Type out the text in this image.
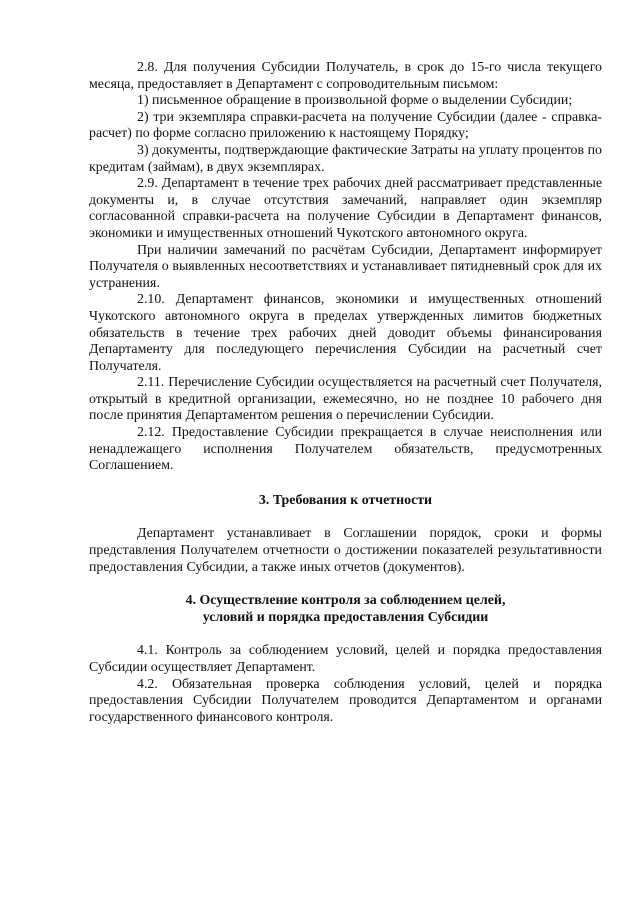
2.8. Для получения Субсидии Получатель, в срок до 15-го числа текущего месяца, предоставляет в Департамент с сопроводительным письмом:

1) письменное обращение в произвольной форме о выделении Субсидии;

2) три экземпляра справки-расчета на получение Субсидии (далее - справка-расчет) по форме согласно приложению к настоящему Порядку;

3) документы, подтверждающие фактические Затраты на уплату процентов по кредитам (займам), в двух экземплярах.

2.9. Департамент в течение трех рабочих дней рассматривает представленные документы и, в случае отсутствия замечаний, направляет один экземпляр согласованной справки-расчета на получение Субсидии в Департамент финансов, экономики и имущественных отношений Чукотского автономного округа.

При наличии замечаний по расчётам Субсидии, Департамент информирует Получателя о выявленных несоответствиях и устанавливает пятидневный срок для их устранения.

2.10. Департамент финансов, экономики и имущественных отношений Чукотского автономного округа в пределах утвержденных лимитов бюджетных обязательств в течение трех рабочих дней доводит объемы финансирования Департаменту для последующего перечисления Субсидии на расчетный счет Получателя.

2.11. Перечисление Субсидии осуществляется на расчетный счет Получателя, открытый в кредитной организации, ежемесячно, но не позднее 10 рабочего дня после принятия Департаментом решения о перечислении Субсидии.

2.12. Предоставление Субсидии прекращается в случае неисполнения или ненадлежащего исполнения Получателем обязательств, предусмотренных Соглашением.

3. Требования к отчетности

Департамент устанавливает в Соглашении порядок, сроки и формы представления Получателем отчетности о достижении показателей результативности предоставления Субсидии, а также иных отчетов (документов).

4. Осуществление контроля за соблюдением целей,
условий и порядка предоставления Субсидии

4.1. Контроль за соблюдением условий, целей и порядка предоставления Субсидии осуществляет Департамент.

4.2. Обязательная проверка соблюдения условий, целей и порядка предоставления Субсидии Получателем проводится Департаментом и органами государственного финансового контроля.
